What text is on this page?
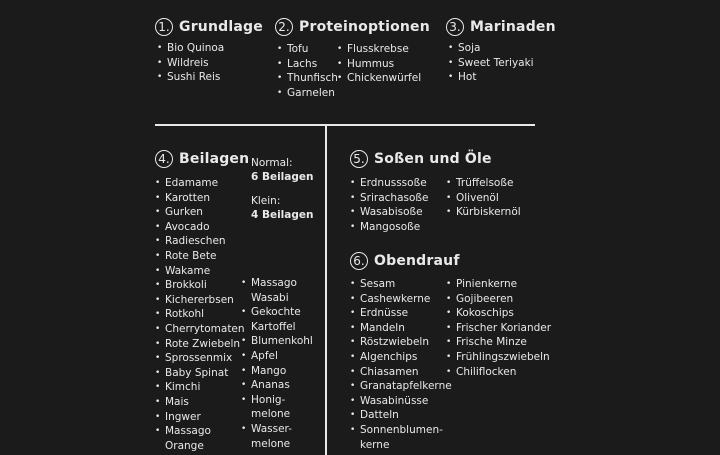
1. Grundlage
• Bio Quinoa
• Wildreis
• Sushi Reis
2. Proteinoptionen
• Tofu
• Lachs
• Thunfisch
• Garnelen
• Flusskrebse
• Hummus
• Chickenwürfel
3. Marinaden
• Soja
• Sweet Teriyaki
• Hot
4. Beilagen Normal:
6 Beilagen
Klein:
4 Beilagen
• Edamame
• Karotten
• Gurken
• Avocado
• Radieschen
• Rote Bete
• Wakame
• Brokkoli
• Kichererbsen
• Rotkohl
• Cherrytomaten
• Rote Zwiebeln
• Sprossenmix
• Baby Spinat
• Kimchi
• Mais
• Ingwer
• Massago
Orange
• Massago
Wasabi
• Gekochte
Kartoffel
• Blumenkohl
• Apfel
• Mango
• Ananas
• Honig-
melone
• Wasser-
melone
5. Soßen und Öle
• Erdnusssoße
• Srirachasoße
• Wasabisoße
• Mangosoße
• Trüffelsoße
• Olivenöl
• Kürbiskernöl
6. Obendrauf
• Sesam
• Cashewkerne
• Erdnüsse
• Mandeln
• Röstzwiebeln
• Algenchips
• Chiasamen
• Granatapfelkerne
• Wasabinüsse
• Datteln
• Sonnenblumen-
kerne
• Pinienkerne
• Gojibeeren
• Kokoschips
• Frischer Koriander
• Frische Minze
• Frühlingszwiebeln
• Chiliflocken
